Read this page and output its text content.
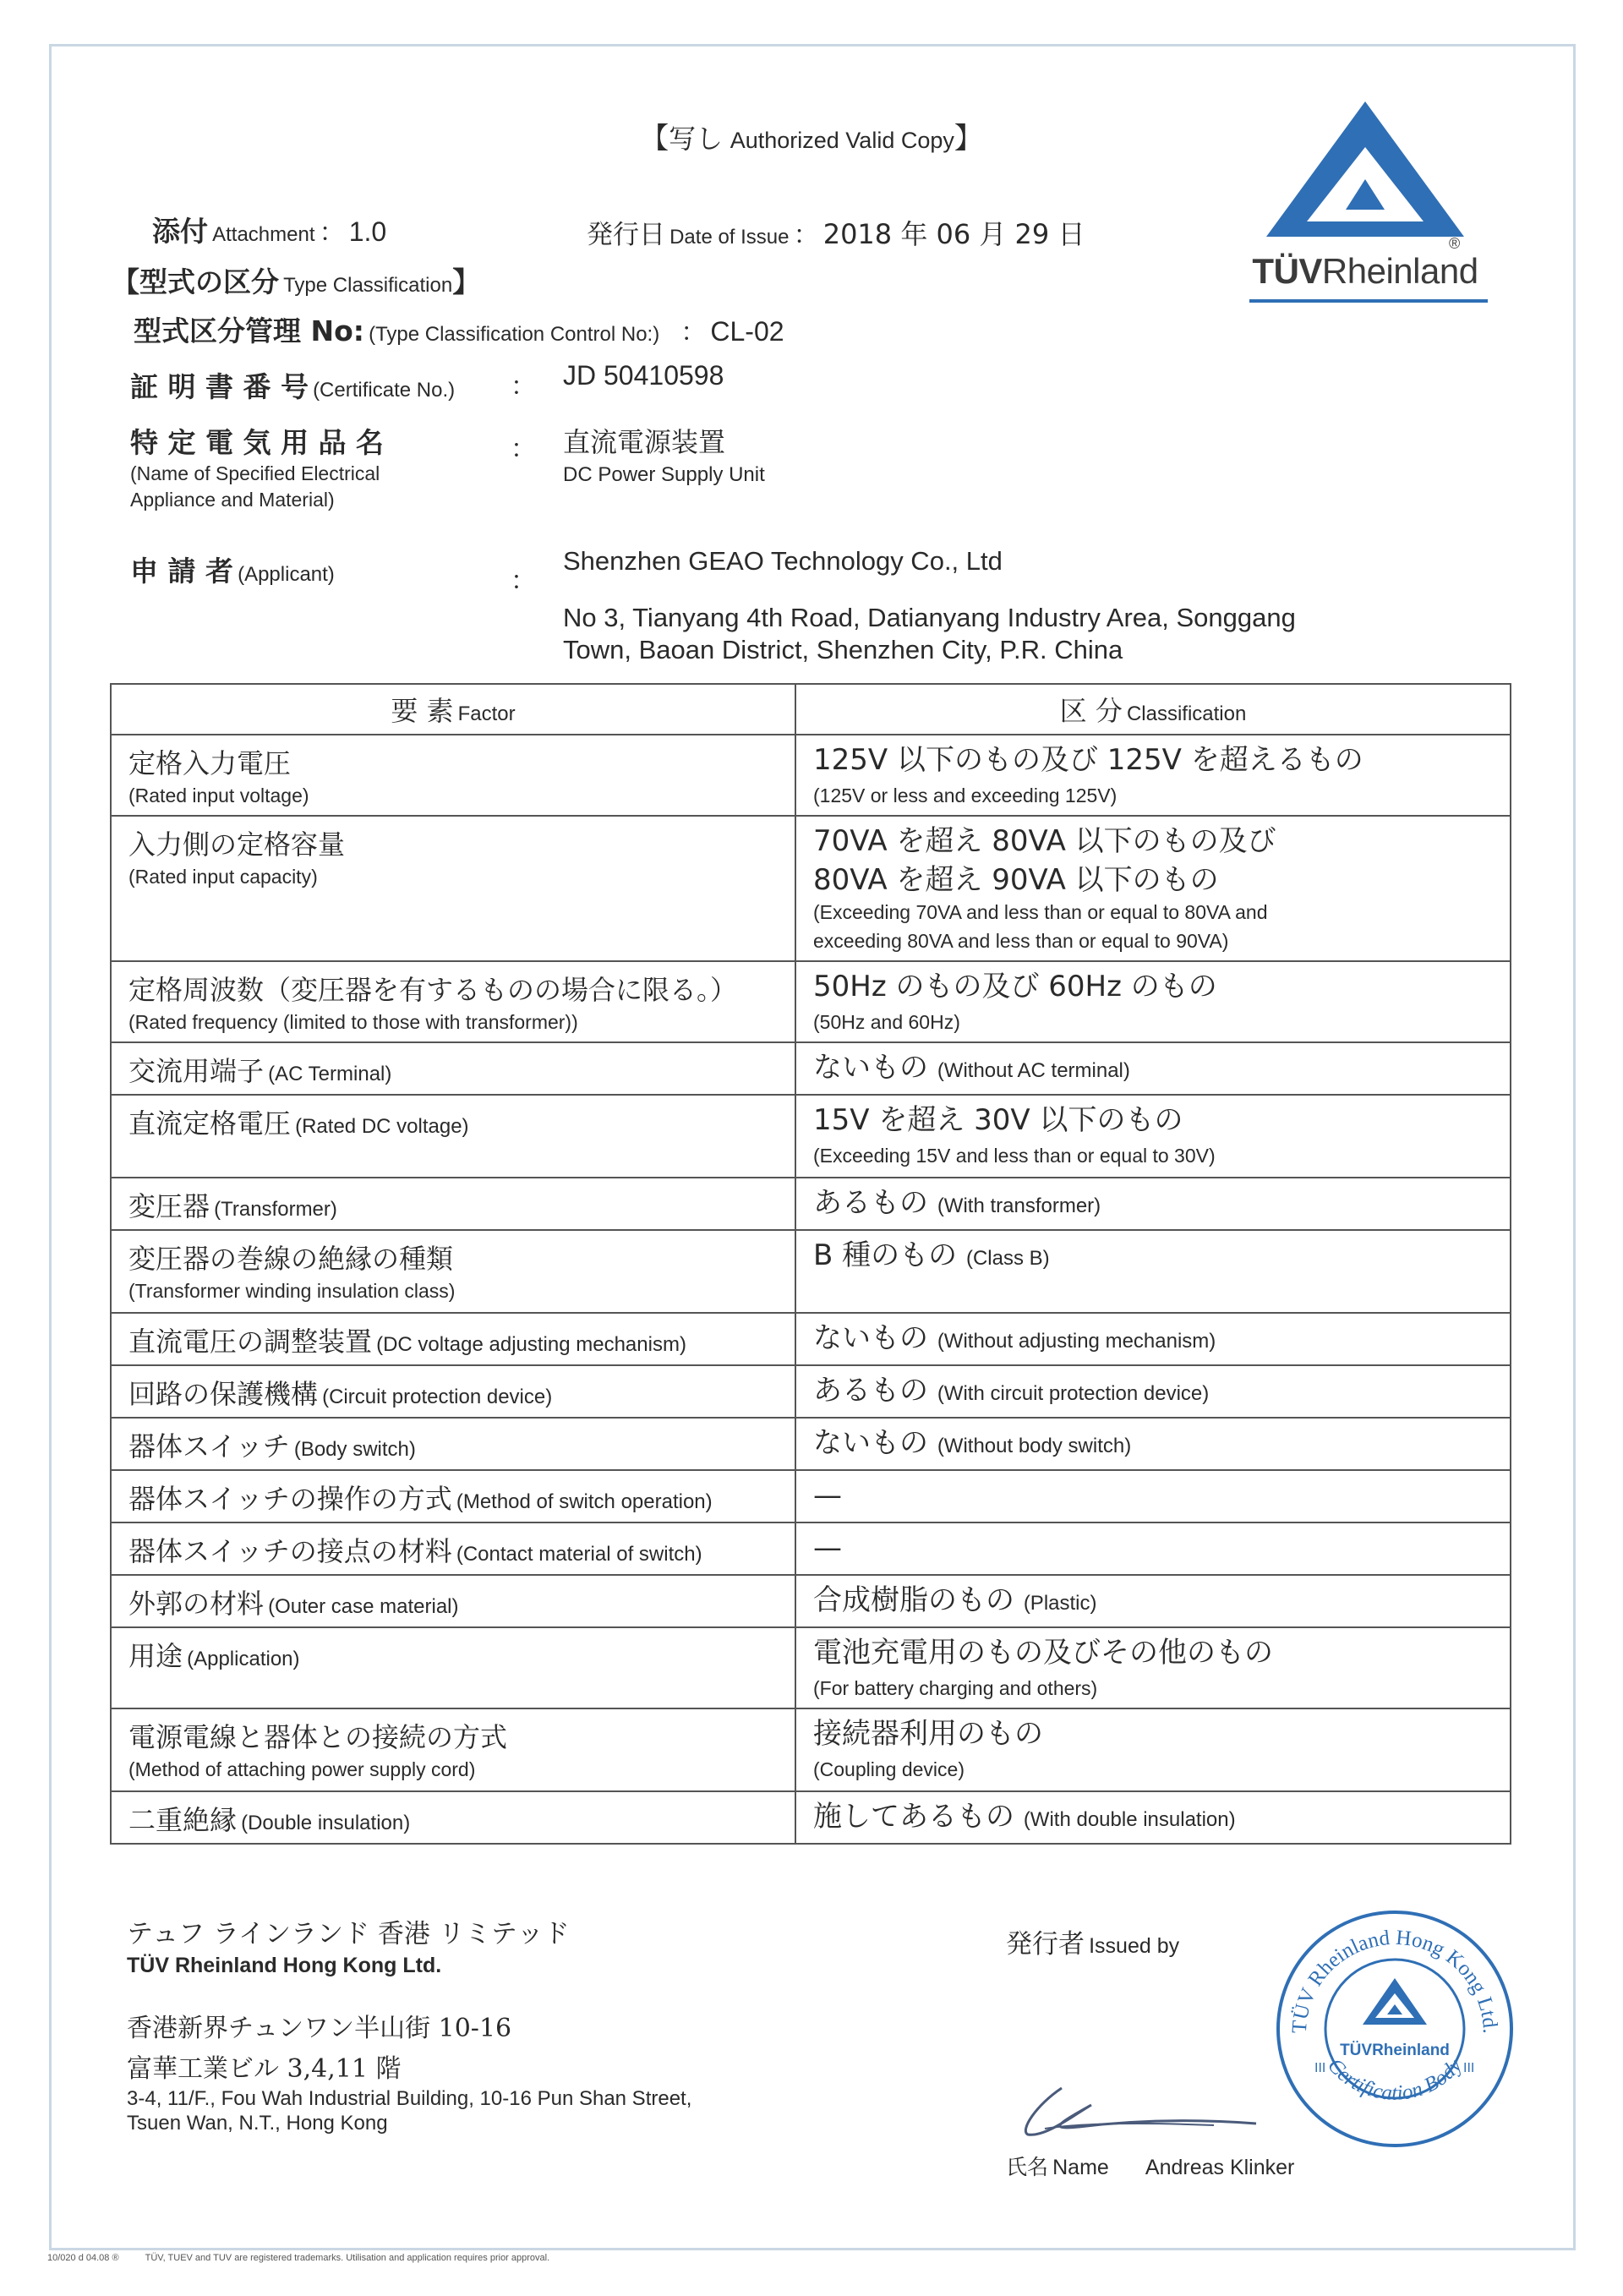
【写し Authorized Valid Copy】
添付 Attachment ： 1.0	発行日 Date of Issue ： 2018 年 06 月 29 日
【型式の区分 Type Classification】
型式区分管理 No: (Type Classification Control No:) ： CL-02
証 明 書 番 号 (Certificate No.) ： JD 50410598
特 定 電 気 用 品 名
(Name of Specified Electrical
Appliance and Material)
： 直流電源装置
DC Power Supply Unit
申 請 者 (Applicant)	：
Shenzhen GEAO Technology Co., Ltd
No 3, Tianyang 4th Road, Datianyang Industry Area, Songgang
Town, Baoan District, Shenzhen City, P.R. China
®
TÜVRheinland
要 素 Factor	区 分 Classification
定格入力電圧
(Rated input voltage)	125V 以下のもの及び 125V を超えるもの
(125V or less and exceeding 125V)

入力側の定格容量
(Rated input capacity)	70VA を超え 80VA 以下のもの及び
80VA を超え 90VA 以下のもの
(Exceeding 70VA and less than or equal to 80VA and
exceeding 80VA and less than or equal to 90VA)

定格周波数（変圧器を有するものの場合に限る。）
(Rated frequency (limited to those with transformer))	50Hz のもの及び 60Hz のもの
(50Hz and 60Hz)

交流用端子 (AC Terminal)	ないもの (Without AC terminal)

直流定格電圧 (Rated DC voltage)	15V を超え 30V 以下のもの
(Exceeding 15V and less than or equal to 30V)

変圧器 (Transformer)	あるもの (With transformer)

変圧器の巻線の絶縁の種類
(Transformer winding insulation class)	B 種のもの (Class B)

直流電圧の調整装置 (DC voltage adjusting mechanism)	ないもの (Without adjusting mechanism)

回路の保護機構 (Circuit protection device)	あるもの (With circuit protection device)

器体スイッチ (Body switch)	ないもの (Without body switch)

器体スイッチの操作の方式 (Method of switch operation)	—

器体スイッチの接点の材料 (Contact material of switch)	—

外郭の材料 (Outer case material)	合成樹脂のもの (Plastic)

用途 (Application)	電池充電用のもの及びその他のもの
(For battery charging and others)

電源電線と器体との接続の方式
(Method of attaching power supply cord)	接続器利用のもの
(Coupling device)

二重絶縁 (Double insulation)	施してあるもの (With double insulation)
テュフ ラインランド 香港 リミテッド
TÜV Rheinland Hong Kong Ltd.
香港新界チュンワン半山街 10-16
富華工業ビル 3,4,11 階
3-4, 11/F., Fou Wah Industrial Building, 10-16 Pun Shan Street,
Tsuen Wan, N.T., Hong Kong
発行者 Issued by
氏名 Name Andreas Klinker
TÜV Rheinland Hong Kong Ltd.
Certification Body
TÜVRheinland
III	III
10/020 d 04.08 ®	TÜV, TUEV and TUV are registered trademarks. Utilisation and application requires prior approval.
